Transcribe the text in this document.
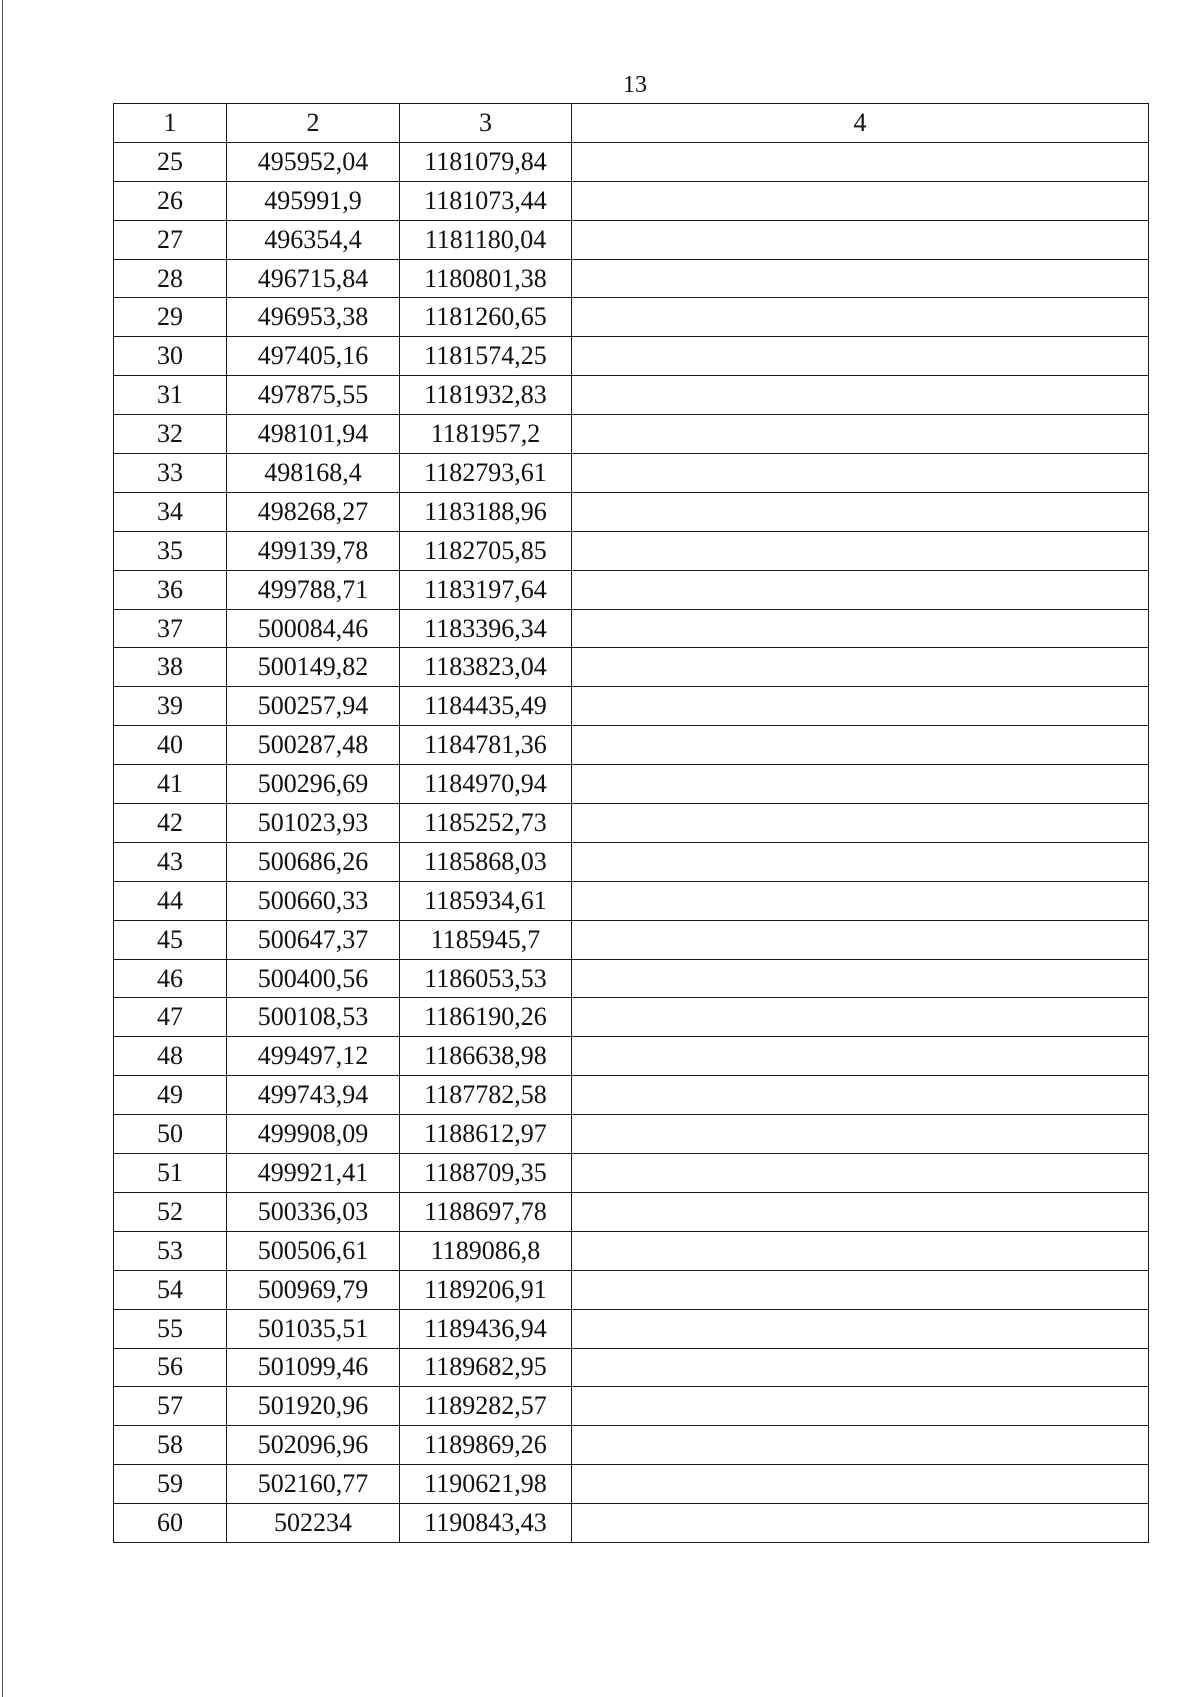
13
1	2	3	4
25	495952,04	1181079,84	
26	495991,9	1181073,44	
27	496354,4	1181180,04	
28	496715,84	1180801,38	
29	496953,38	1181260,65	
30	497405,16	1181574,25	
31	497875,55	1181932,83	
32	498101,94	1181957,2	
33	498168,4	1182793,61	
34	498268,27	1183188,96	
35	499139,78	1182705,85	
36	499788,71	1183197,64	
37	500084,46	1183396,34	
38	500149,82	1183823,04	
39	500257,94	1184435,49	
40	500287,48	1184781,36	
41	500296,69	1184970,94	
42	501023,93	1185252,73	
43	500686,26	1185868,03	
44	500660,33	1185934,61	
45	500647,37	1185945,7	
46	500400,56	1186053,53	
47	500108,53	1186190,26	
48	499497,12	1186638,98	
49	499743,94	1187782,58	
50	499908,09	1188612,97	
51	499921,41	1188709,35	
52	500336,03	1188697,78	
53	500506,61	1189086,8	
54	500969,79	1189206,91	
55	501035,51	1189436,94	
56	501099,46	1189682,95	
57	501920,96	1189282,57	
58	502096,96	1189869,26	
59	502160,77	1190621,98	
60	502234	1190843,43	
